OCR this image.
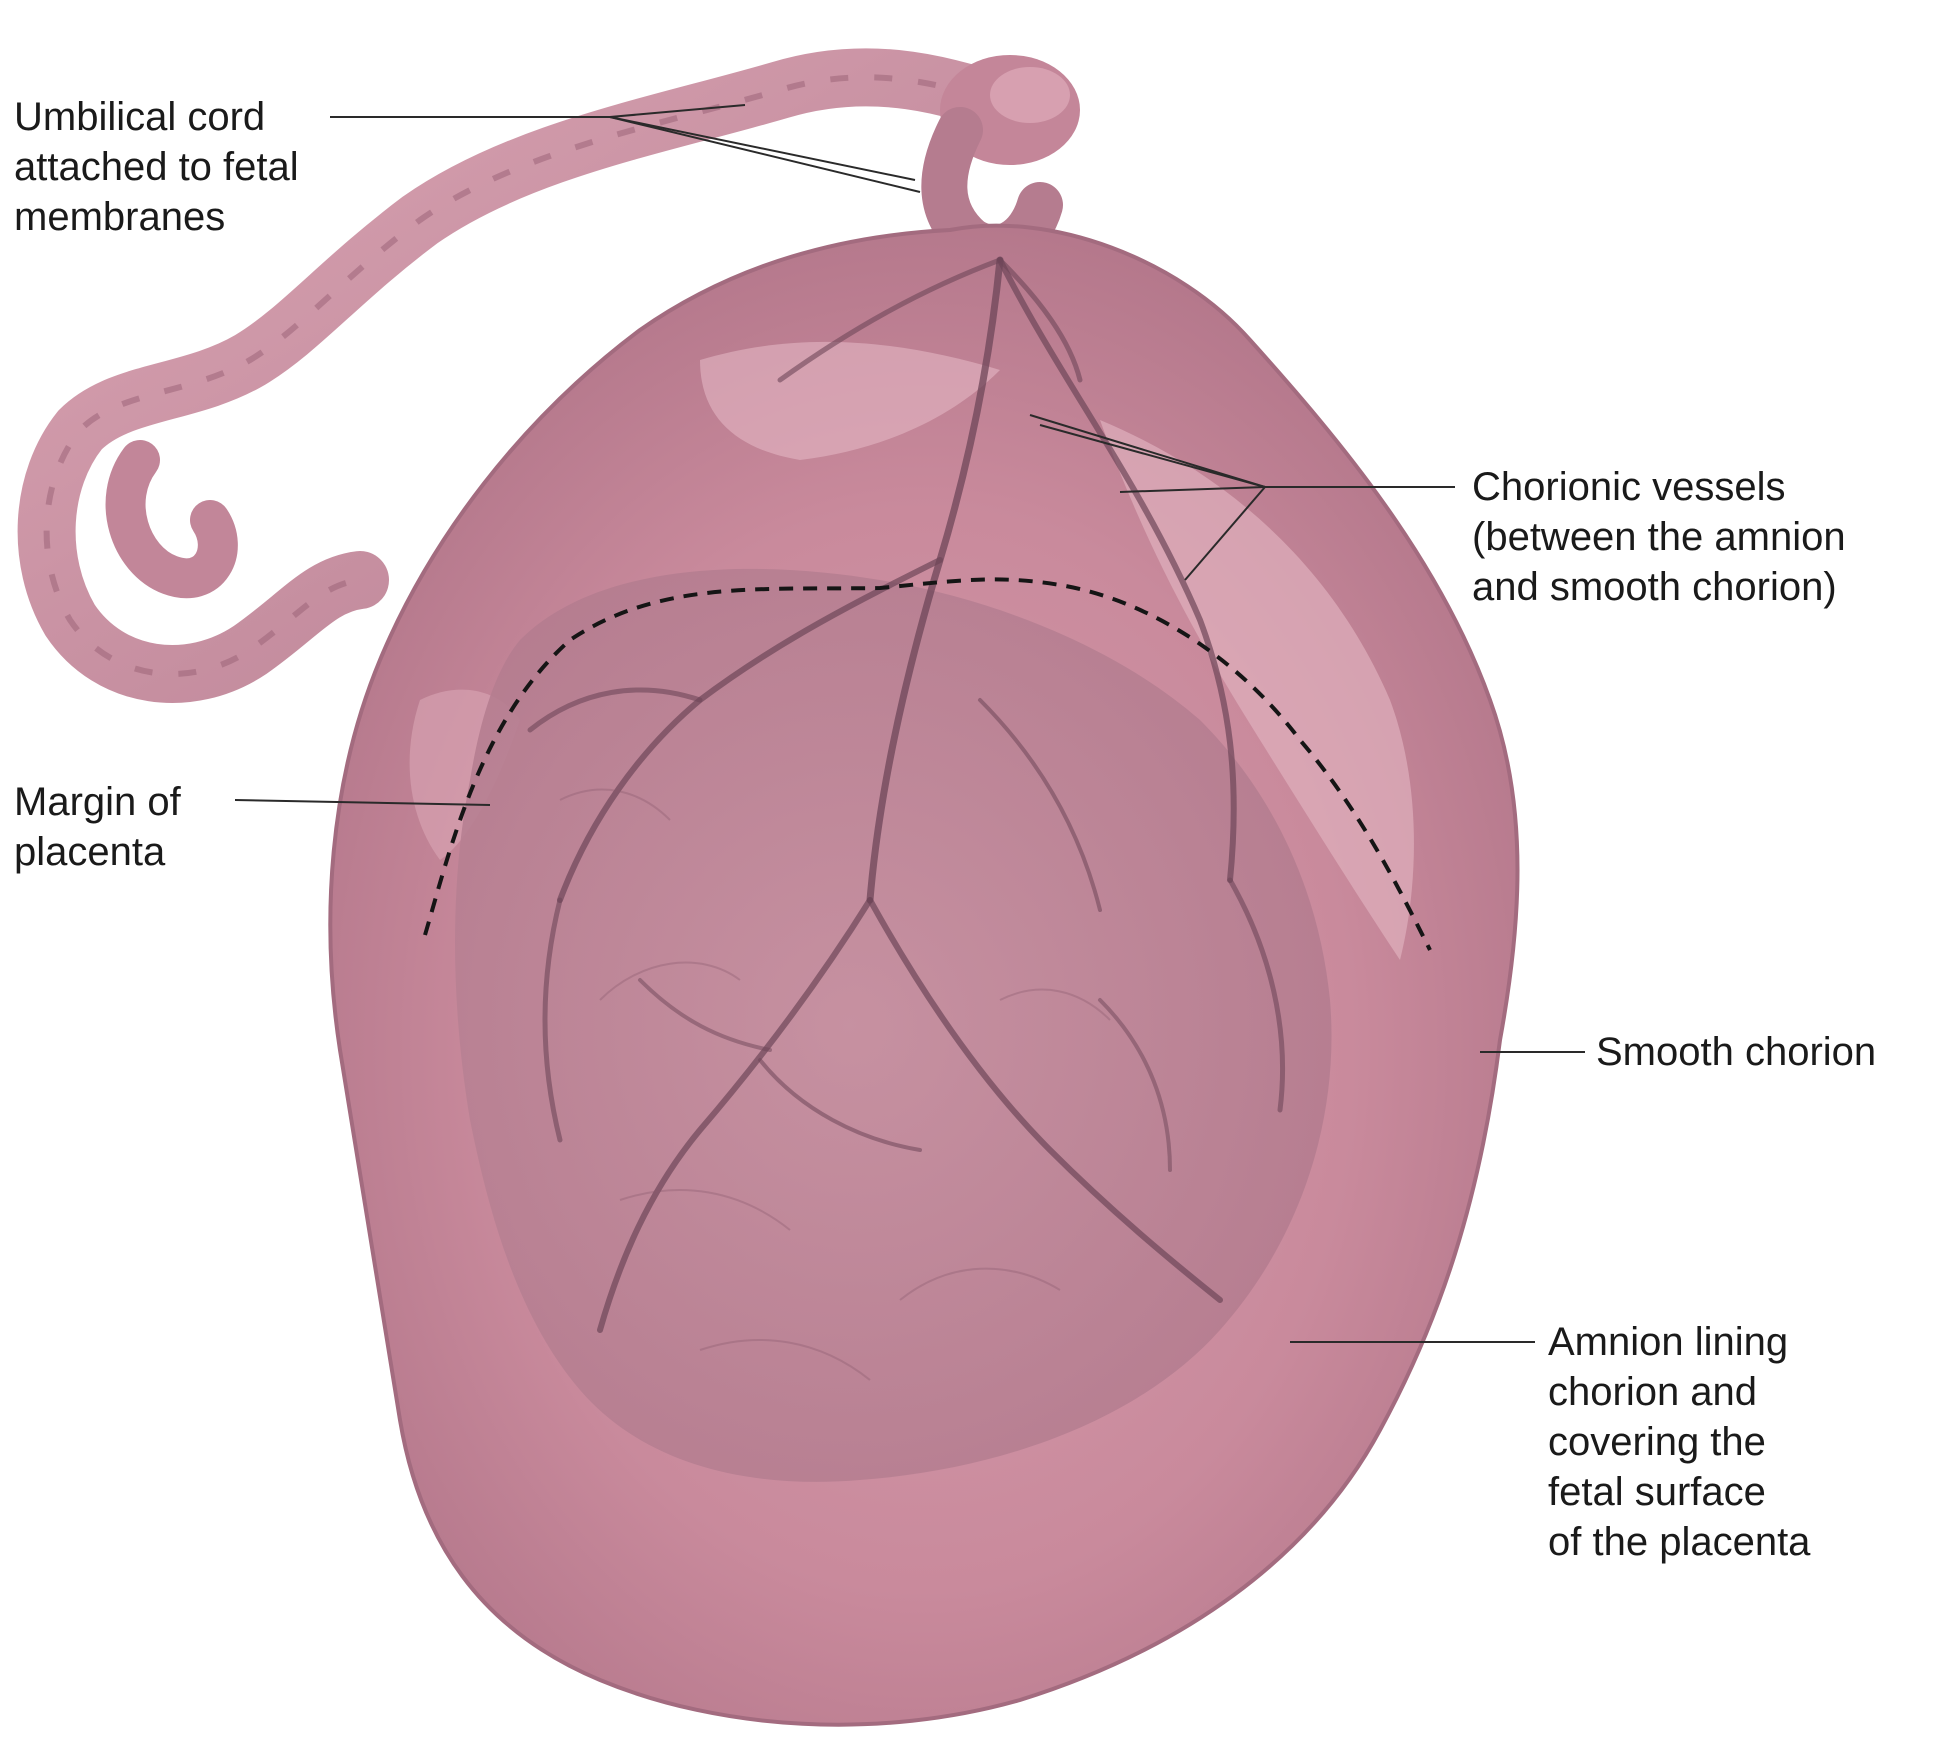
Umbilical cord
attached to fetal
membranes
Chorionic vessels
(between the amnion
and smooth chorion)
Margin of
placenta
Smooth chorion
Amnion lining
chorion and
covering the
fetal surface
of the placenta
